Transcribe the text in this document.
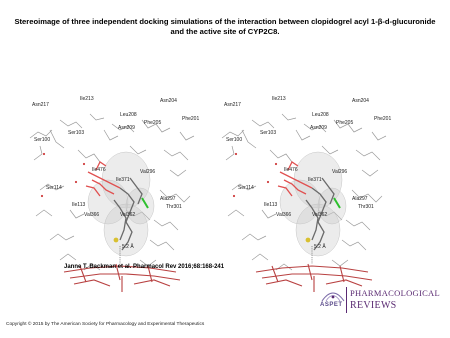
Stereoimage of three independent docking simulations of the interaction between clopidogrel acyl 1-β-d-glucuronide and the active site of CYP2C8.
Ile213
Asn217
Asn204
Leu208
Phe205
Asn209
Phe201
Ser103
Ser100
Ile476	Val296
Ile371
Ser114
Ala297
Ile113	Thr301
Val366	Val362
5.2 Å
Ile213
Asn217
Asn204
Leu208
Phe205
Asn209
Phe201
Ser103
Ser100
Ile476	Val296
Ile371
Ser114
Ala297
Ile113	Thr301
Val366	Val362
5.2 Å
Janne T. Backman et al. Pharmacol Rev 2016;68:168-241
ASPET
PHARMACOLOGICAL
REVIEWS
Copyright © 2015 by The American Society for Pharmacology and Experimental Therapeutics
